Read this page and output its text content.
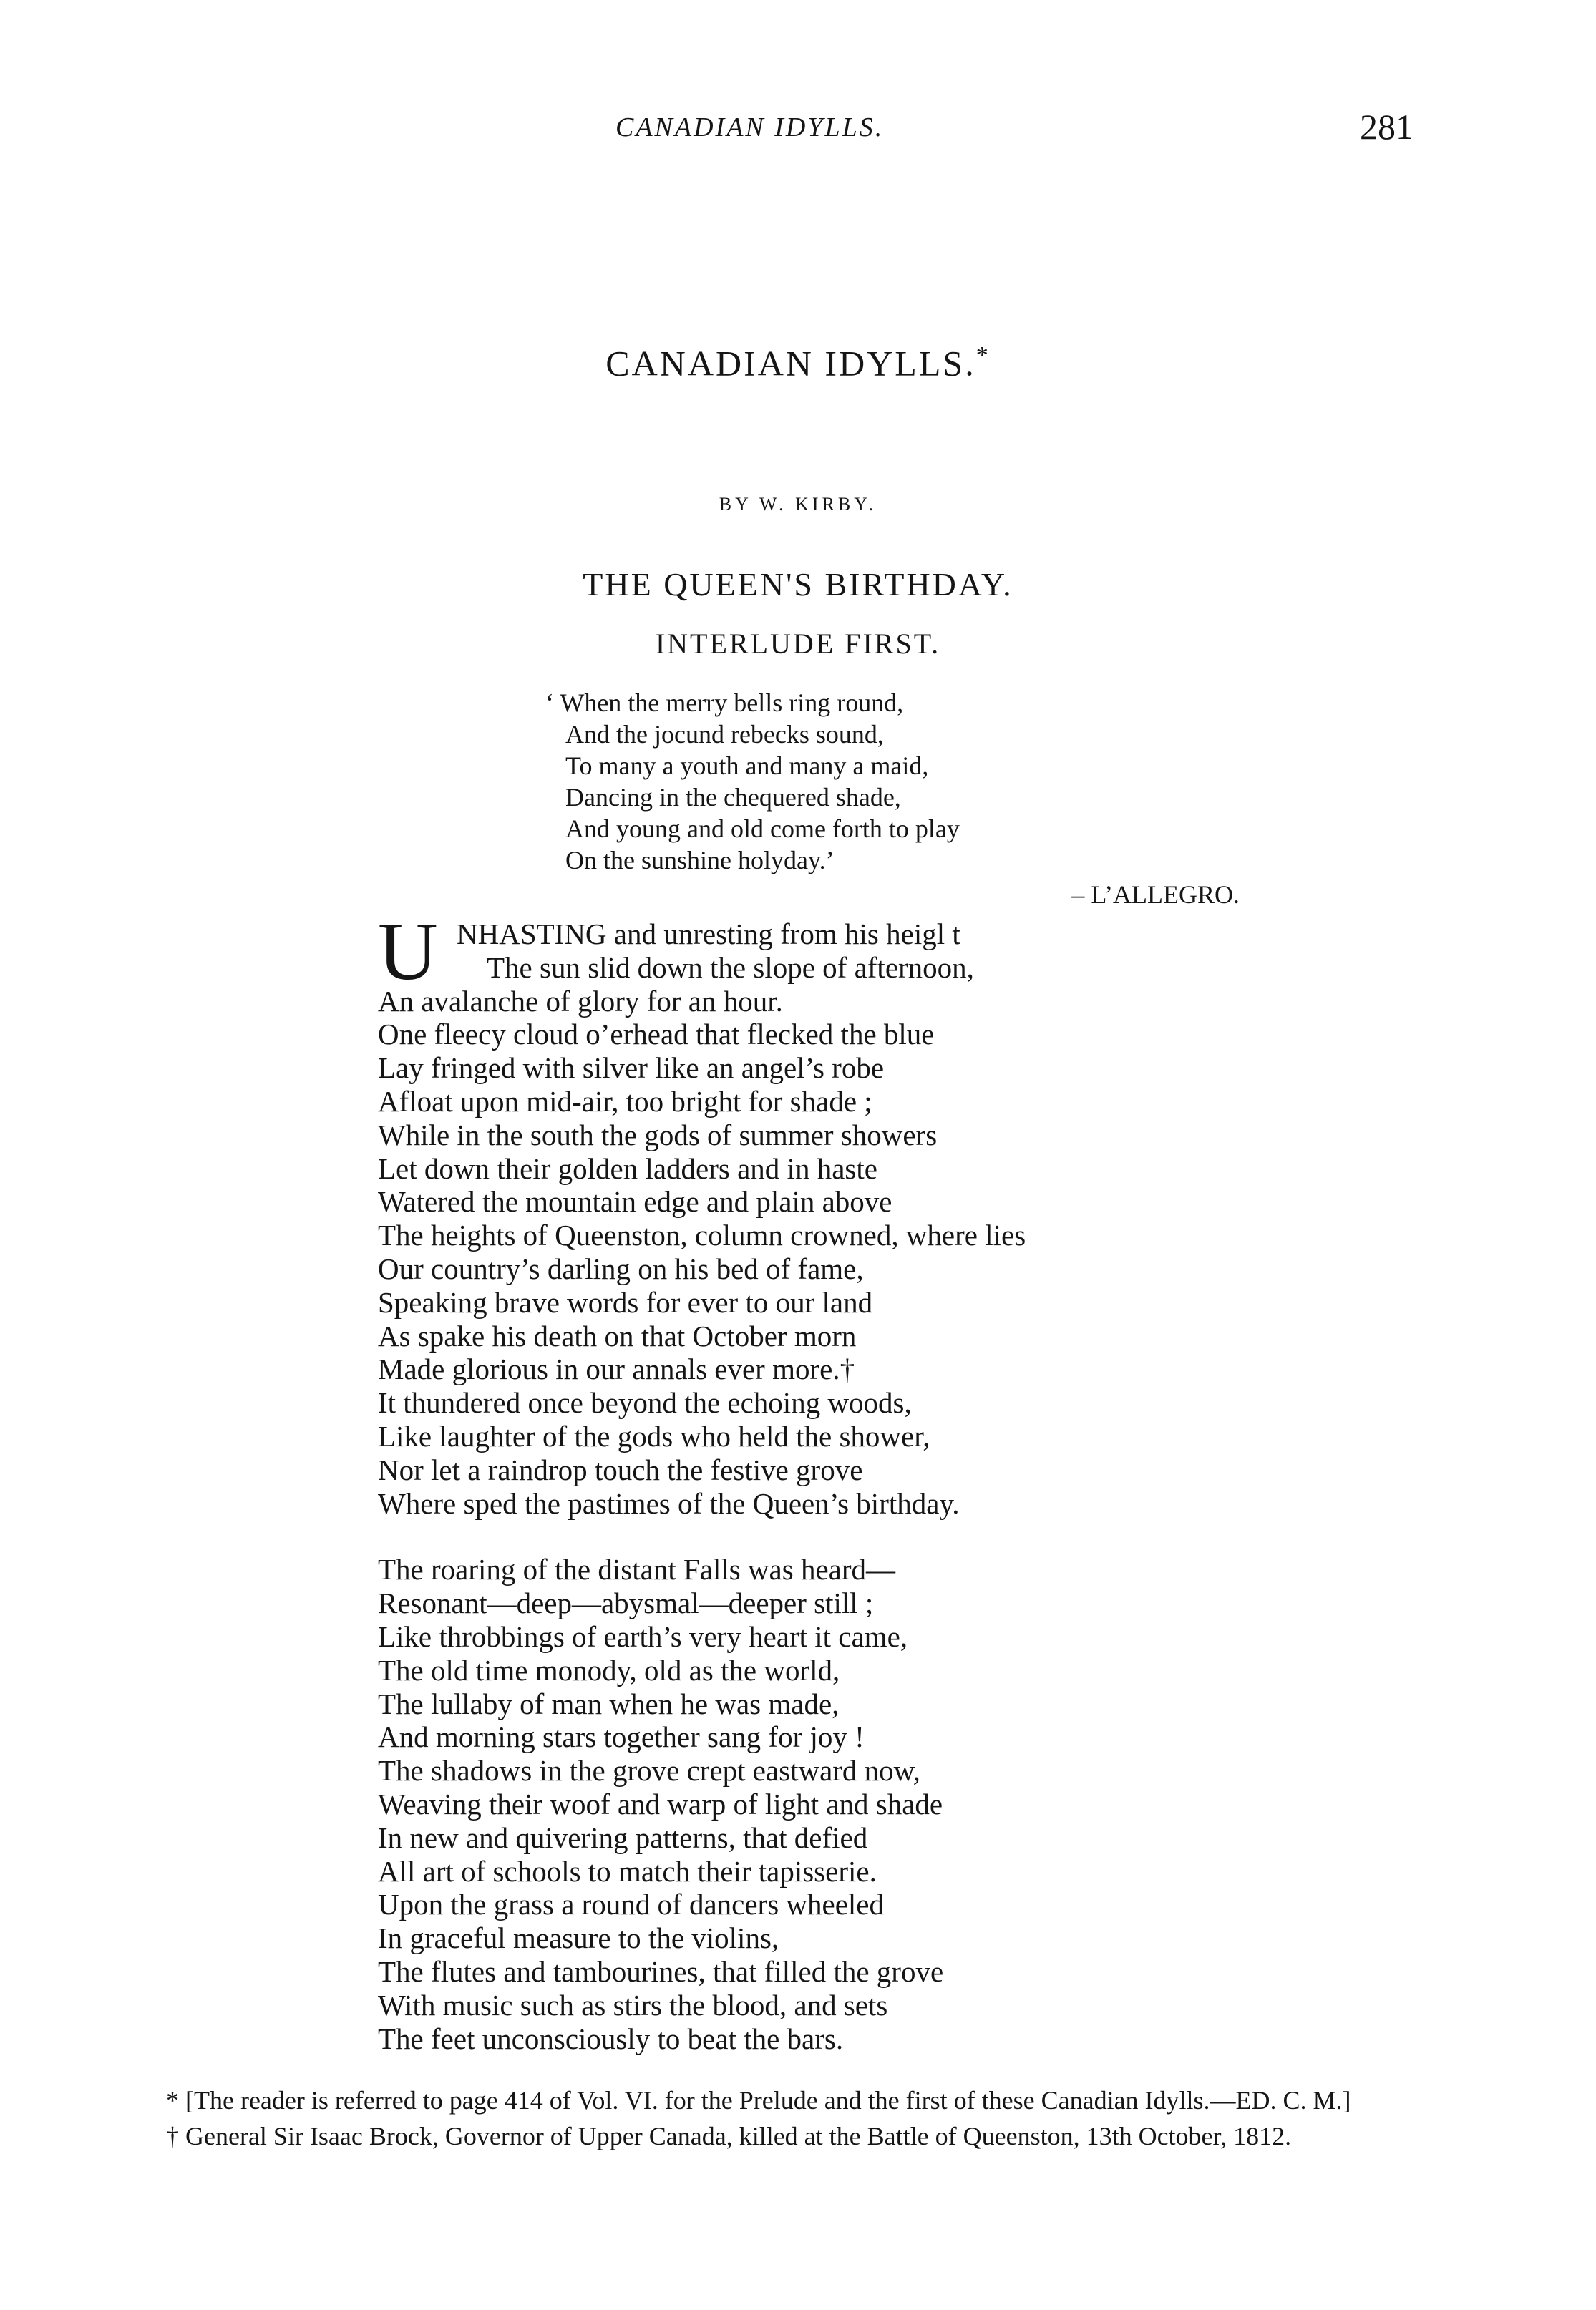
CANADIAN IDYLLS.	281
CANADIAN IDYLLS.*
BY W. KIRBY.
THE QUEEN'S BIRTHDAY.
INTERLUDE FIRST.
‘ When the merry bells ring round,
And the jocund rebecks sound,
To many a youth and many a maid,
Dancing in the chequered shade,
And young and old come forth to play
On the sunshine holyday.’
– L’ALLEGRO.
U NHASTING and unresting from his heigl t
The sun slid down the slope of afternoon,
An avalanche of glory for an hour.
One fleecy cloud o’erhead that flecked the blue
Lay fringed with silver like an angel’s robe
Afloat upon mid-air, too bright for shade ;
While in the south the gods of summer showers
Let down their golden ladders and in haste
Watered the mountain edge and plain above
The heights of Queenston, column crowned, where lies
Our country’s darling on his bed of fame,
Speaking brave words for ever to our land
As spake his death on that October morn
Made glorious in our annals ever more.†
It thundered once beyond the echoing woods,
Like laughter of the gods who held the shower,
Nor let a raindrop touch the festive grove
Where sped the pastimes of the Queen’s birthday.
The roaring of the distant Falls was heard—
Resonant—deep—abysmal—deeper still ;
Like throbbings of earth’s very heart it came,
The old time monody, old as the world,
The lullaby of man when he was made,
And morning stars together sang for joy !
The shadows in the grove crept eastward now,
Weaving their woof and warp of light and shade
In new and quivering patterns, that defied
All art of schools to match their tapisserie.
Upon the grass a round of dancers wheeled
In graceful measure to the violins,
The flutes and tambourines, that filled the grove
With music such as stirs the blood, and sets
The feet unconsciously to beat the bars.
* [The reader is referred to page 414 of Vol. VI. for the Prelude and the first of these Canadian Idylls.—ED. C. M.]
† General Sir Isaac Brock, Governor of Upper Canada, killed at the Battle of Queenston, 13th October, 1812.
